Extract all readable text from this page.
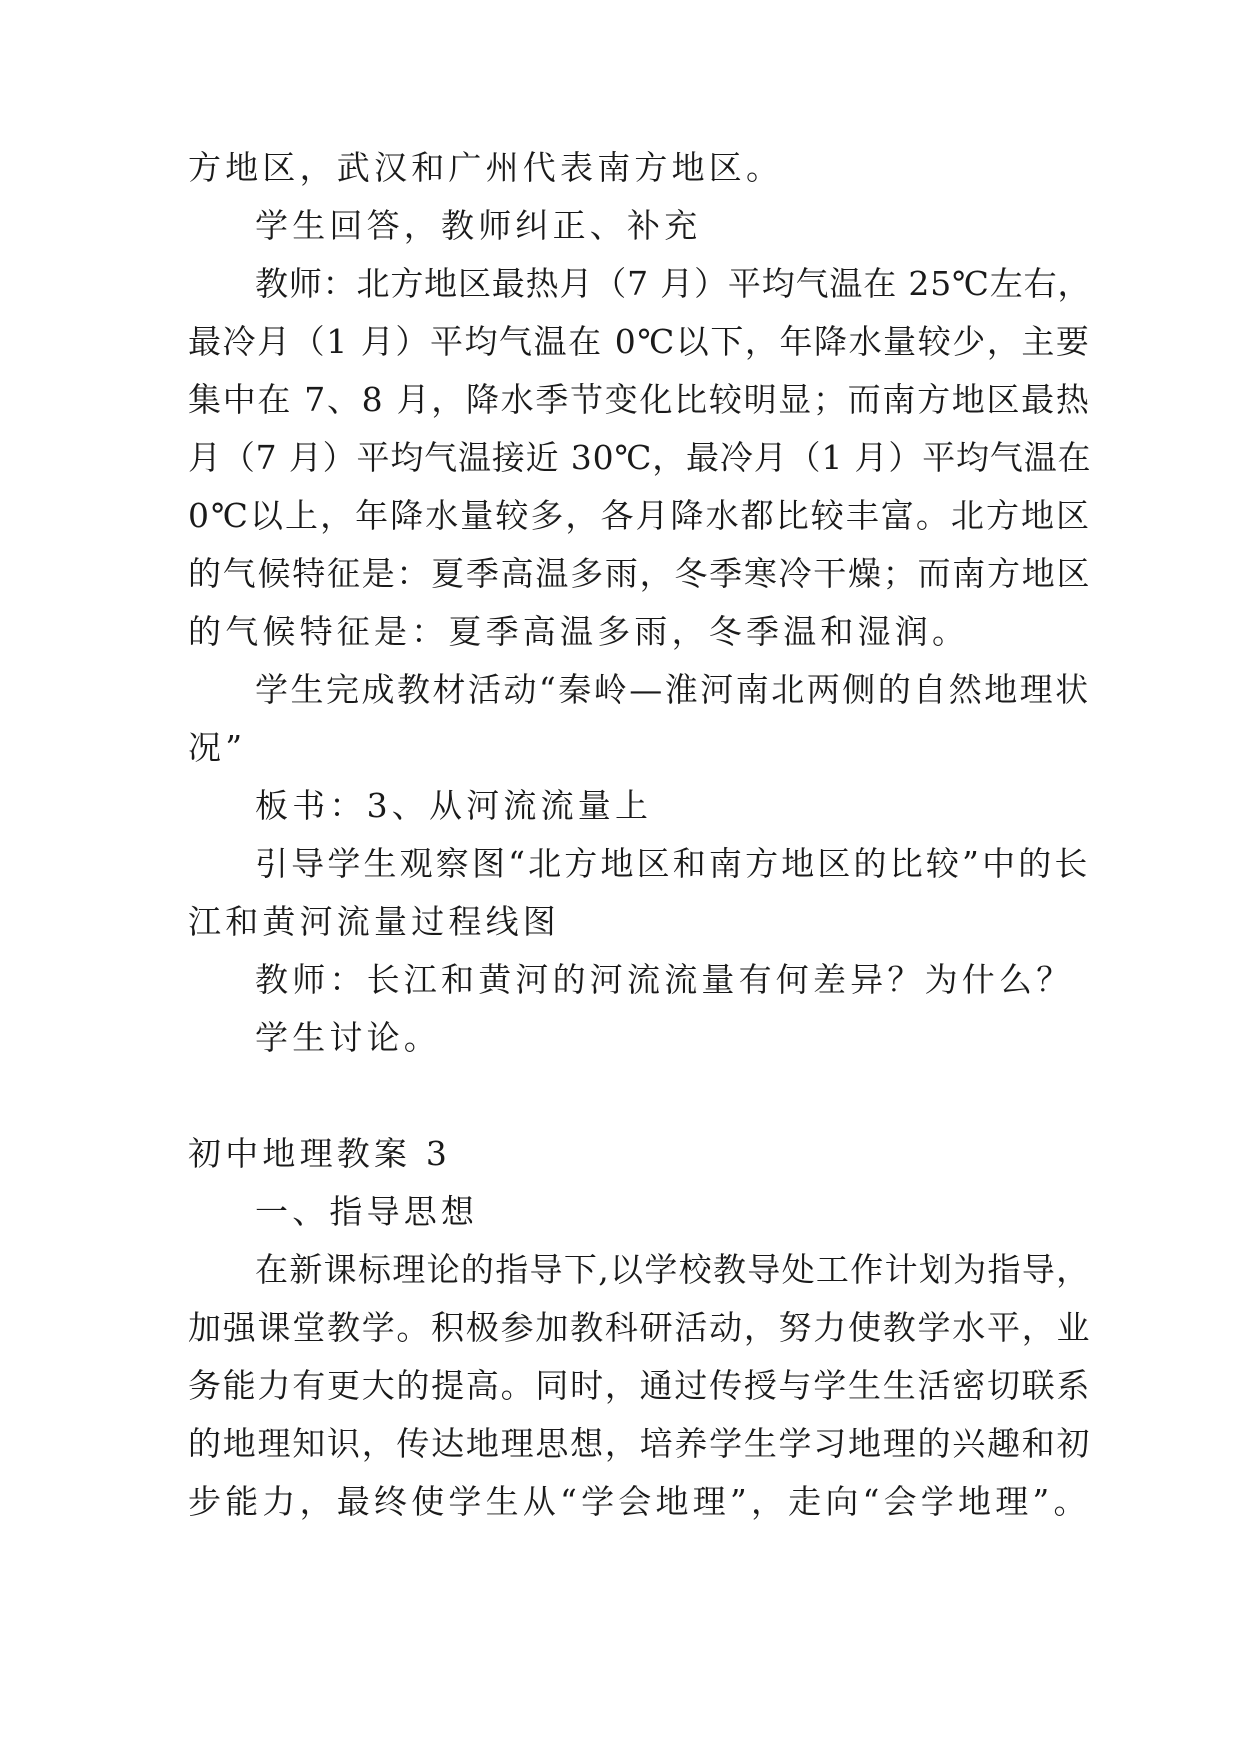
方地区，武汉和广州代表南方地区。
学生回答，教师纠正、补充
教师：北方地区最热月（7 月）平均气温在 25℃左右，
最冷月（1 月）平均气温在 0℃以下，年降水量较少，主要
集中在 7、8 月，降水季节变化比较明显；而南方地区最热
月（7 月）平均气温接近 30℃，最冷月（1 月）平均气温在
0℃以上，年降水量较多，各月降水都比较丰富。北方地区
的气候特征是：夏季高温多雨，冬季寒冷干燥；而南方地区
的气候特征是：夏季高温多雨，冬季温和湿润。
学生完成教材活动“秦岭—淮河南北两侧的自然地理状
况”
板书：3、从河流流量上
引导学生观察图“北方地区和南方地区的比较”中的长
江和黄河流量过程线图
教师：长江和黄河的河流流量有何差异？为什么？
学生讨论。
初中地理教案 3
一、指导思想
在新课标理论的指导下,以学校教导处工作计划为指导，
加强课堂教学。积极参加教科研活动，努力使教学水平，业
务能力有更大的提高。同时，通过传授与学生生活密切联系
的地理知识，传达地理思想，培养学生学习地理的兴趣和初
步能力，最终使学生从“学会地理”，走向“会学地理”。
